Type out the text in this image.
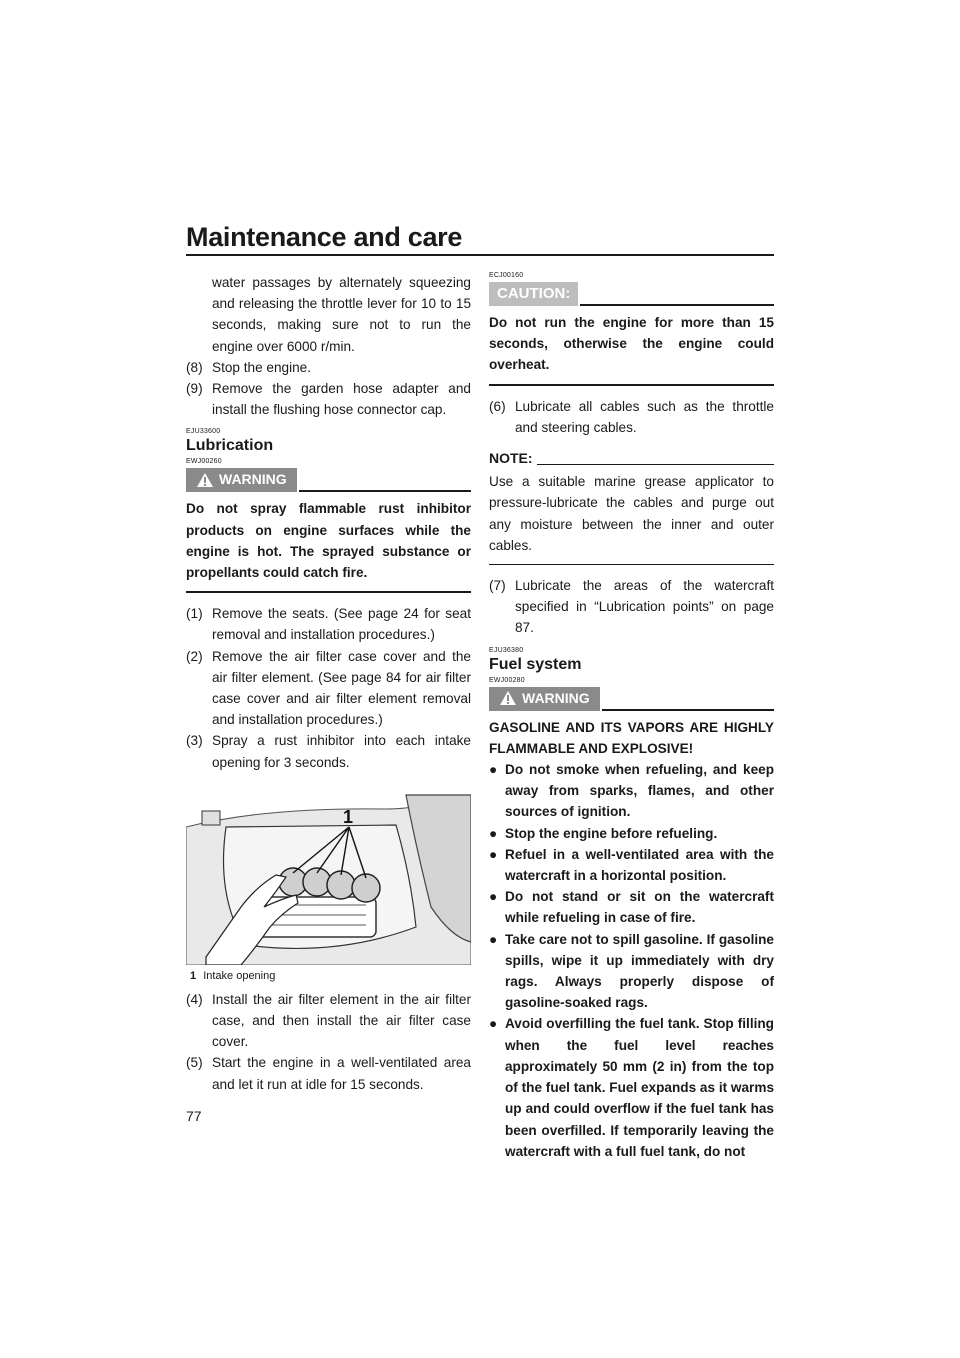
Maintenance and care

water passages by alternately squeezing and releasing the throttle lever for 10 to 15 seconds, making sure not to run the engine over 6000 r/min.

(8) Stop the engine.
(9) Remove the garden hose adapter and install the flushing hose connector cap.
EJU33600
Lubrication
EWJ00260
WARNING

Do not spray flammable rust inhibitor products on engine surfaces while the engine is hot. The sprayed substance or propellants could catch fire.

(1) Remove the seats. (See page 24 for seat removal and installation procedures.)
(2) Remove the air filter case cover and the air filter element. (See page 84 for air filter case cover and air filter element removal and installation procedures.)
(3) Spray a rust inhibitor into each intake opening for 3 seconds.
1
1 Intake opening
(4) Install the air filter element in the air filter case, and then install the air filter case cover.
(5) Start the engine in a well-ventilated area and let it run at idle for 15 seconds.
ECJ00160
CAUTION:

Do not run the engine for more than 15 seconds, otherwise the engine could overheat.

(6) Lubricate all cables such as the throttle and steering cables.
NOTE:

Use a suitable marine grease applicator to pressure-lubricate the cables and purge out any moisture between the inner and outer cables.

(7) Lubricate the areas of the watercraft specified in “Lubrication points” on page 87.
EJU36380
Fuel system
EWJ00280
WARNING

GASOLINE AND ITS VAPORS ARE HIGHLY FLAMMABLE AND EXPLOSIVE!

● Do not smoke when refueling, and keep away from sparks, flames, and other sources of ignition.
● Stop the engine before refueling.
● Refuel in a well-ventilated area with the watercraft in a horizontal position.
● Do not stand or sit on the watercraft while refueling in case of fire.
● Take care not to spill gasoline. If gasoline spills, wipe it up immediately with dry rags. Always properly dispose of gasoline-soaked rags.
● Avoid overfilling the fuel tank. Stop filling when the fuel level reaches approximately 50 mm (2 in) from the top of the fuel tank. Fuel expands as it warms up and could overflow if the fuel tank has been overfilled. If temporarily leaving the watercraft with a full fuel tank, do not
77
